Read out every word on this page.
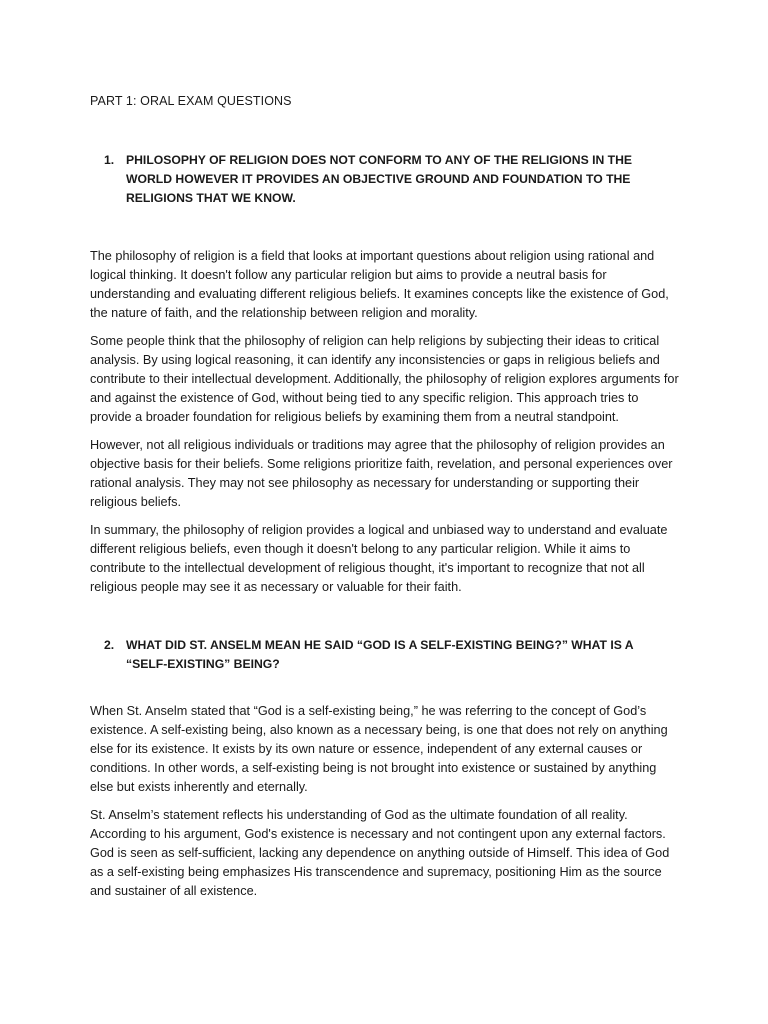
PART 1: ORAL EXAM QUESTIONS
1. PHILOSOPHY OF RELIGION DOES NOT CONFORM TO ANY OF THE RELIGIONS IN THE WORLD HOWEVER IT PROVIDES AN OBJECTIVE GROUND AND FOUNDATION TO THE RELIGIONS THAT WE KNOW.

The philosophy of religion is a field that looks at important questions about religion using rational and logical thinking. It doesn't follow any particular religion but aims to provide a neutral basis for understanding and evaluating different religious beliefs. It examines concepts like the existence of God, the nature of faith, and the relationship between religion and morality.

Some people think that the philosophy of religion can help religions by subjecting their ideas to critical analysis. By using logical reasoning, it can identify any inconsistencies or gaps in religious beliefs and contribute to their intellectual development. Additionally, the philosophy of religion explores arguments for and against the existence of God, without being tied to any specific religion. This approach tries to provide a broader foundation for religious beliefs by examining them from a neutral standpoint.

However, not all religious individuals or traditions may agree that the philosophy of religion provides an objective basis for their beliefs. Some religions prioritize faith, revelation, and personal experiences over rational analysis. They may not see philosophy as necessary for understanding or supporting their religious beliefs.

In summary, the philosophy of religion provides a logical and unbiased way to understand and evaluate different religious beliefs, even though it doesn't belong to any particular religion. While it aims to contribute to the intellectual development of religious thought, it's important to recognize that not all religious people may see it as necessary or valuable for their faith.

2. WHAT DID ST. ANSELM MEAN HE SAID “GOD IS A SELF-EXISTING BEING?” WHAT IS A “SELF-EXISTING” BEING?

When St. Anselm stated that “God is a self-existing being,” he was referring to the concept of God’s existence. A self-existing being, also known as a necessary being, is one that does not rely on anything else for its existence. It exists by its own nature or essence, independent of any external causes or conditions. In other words, a self-existing being is not brought into existence or sustained by anything else but exists inherently and eternally.

St. Anselm’s statement reflects his understanding of God as the ultimate foundation of all reality. According to his argument, God's existence is necessary and not contingent upon any external factors. God is seen as self-sufficient, lacking any dependence on anything outside of Himself. This idea of God as a self-existing being emphasizes His transcendence and supremacy, positioning Him as the source and sustainer of all existence.
